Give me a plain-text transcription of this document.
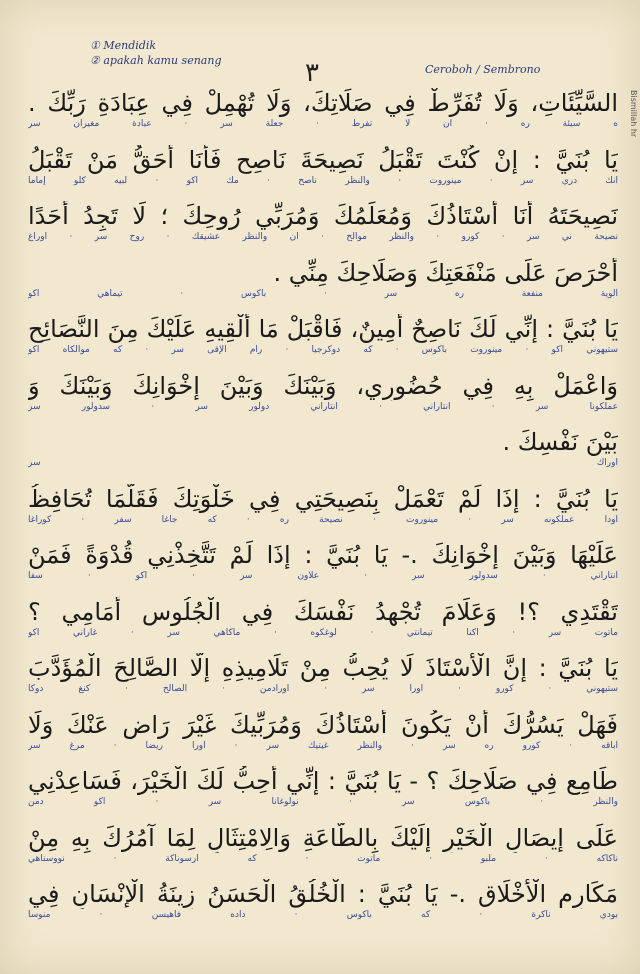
Bismillah hr
① Mendidik
② apakah kamu senang	٣	Ceroboh / Sembrono
السَّيِّئَاتِ، وَلَا تُفَرِّطْ فِي صَلَاتِكَ، وَلَا تُهْمِلْ فِي عِبَادَةِ رَبِّكَ .
ه سيئة ره · أن لا تفرط · جعلة سر · عبادة مغيران سر
يَا بُنَيَّ : إِنْ كُنْتَ تَقْبَلُ نَصِيحَةَ نَاصِحٍ فَأَنَا أَحَقُّ مَنْ تَقْبَلُ
أنك دري سر · مينوروت · والنظر ناصح · مك أكو · لبيه كلو إماما
نَصِيحَتَهُ أَنَا أُسْتَاذُكَ وَمُعَلِّمُكَ وَمُرَبِّي رُوحِكَ ؛ لَا تَجِدُ أَحَدًا
نصيحة ني سر · كورو · والنظر موالح · ان والنظر عشيقك · روح سر · اوراغ
أَحْرَصَ عَلَى مَنْفَعَتِكَ وَصَلَاحِكَ مِنِّي .
الوية منفعة ره سر · باكوس · تيماهي اكو
يَا بُنَيَّ : إِنِّي لَكَ نَاصِحٌ أَمِينٌ، فَاقْبَلْ مَا أُلْقِيهِ عَلَيْكَ مِنَ النَّصَائِحِ
ستيهوني اكو · مينوروت باكوس · كه دوكرجيا · رام الإقى سر · كه موالكاه اكو
وَاعْمَلْ بِهِ فِي حُضُورِي، وَبَيْنَكَ وَبَيْنَ إِخْوَانِكَ وَبَيْنَكَ وَ
عملكونا سر · انتاراني · انتاراني دولور سر · سدولور سر
بَيْنَ نَفْسِكَ .
اوراك سر
يَا بُنَيَّ : إِذَا لَمْ تَعْمَلْ بِنَصِيحَتِي فِي خَلْوَتِكَ فَقَلَّمَا تُحَافِظُ
اودا عملكونه سر · مينوروت · نصيحة ره · كه جاغا سفر · كوراغا
عَلَيْهَا وَبَيْنَ إِخْوَانِكَ .- يَا بُنَيَّ : إِذَا لَمْ تَتَّخِذْنِي قُدْوَةً فَمَنْ
انتاراني · سدولور سر · علاون سر · اكو · سفا
تَقْتَدِي ؟! وَعَلَامَ تُجْهِدُ نَفْسَكَ فِي الْجُلُوسِ أَمَامِي ؟
ماتوت سر · اكنا تيمانتي · لوغكوه · ماكاهي سر · غاراني اكو
يَا بُنَيَّ : إِنَّ الْأُسْتَاذَ لَا يُحِبُّ مِنْ تَلَامِيذِهِ إِلَّا الصَّالِحَ الْمُؤَدَّبَ
ستيهوني · كورو · اورا سر · اورادمن · الصالح · كنغ دوكا
فَهَلْ يَسُرُّكَ أَنْ يَكُونَ أُسْتَاذُكَ وَمُرَبِّيكَ غَيْرَ رَاضٍ عَنْكَ وَلَا
اباقه · كورو ره سر · والنظر غيتيك سر · اورا ريضا · مرغ سر
طَامِعٍ فِي صَلَاحِكَ ؟ - يَا بُنَيَّ : إِنِّي أُحِبُّ لَكَ الْخَيْرَ، فَسَاعِدْنِي
والنظر · باكوس سر · نولوغانا سر · اكو دمن
عَلَى إِيصَالِ الْخَيْرِ إِلَيْكَ بِالطَّاعَةِ وَالِامْتِثَالِ لِمَا آمُرُكَ بِهِ مِنْ
ناكاكه · ملبو · ماتوت · كه ارسوناكة · نووسناهي
مَكَارِمِ الْأَخْلَاقِ .- يَا بُنَيَّ : الْخُلُقُ الْحَسَنُ زِينَةُ الْإِنْسَانِ فِي
بودي ناكرة · كه باكوس · داده فاهيسن · منوسا
